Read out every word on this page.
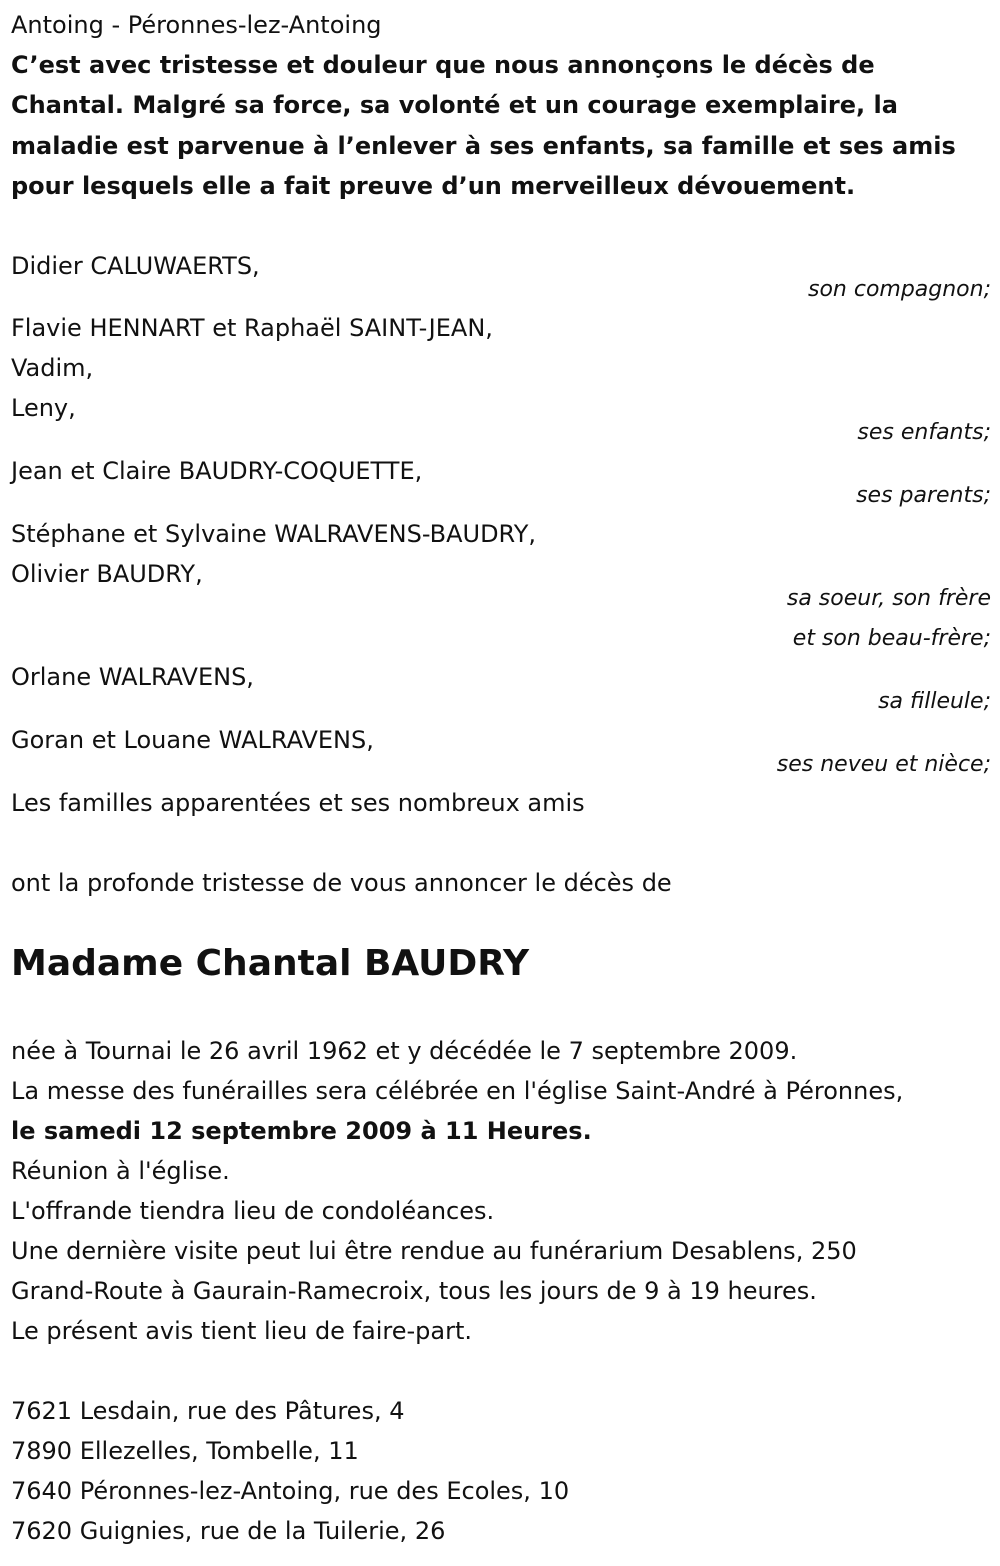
Antoing - Péronnes-lez-Antoing
C’est avec tristesse et douleur que nous annonçons le décès de
Chantal. Malgré sa force, sa volonté et un courage exemplaire, la
maladie est parvenue à l’enlever à ses enfants, sa famille et ses amis
pour lesquels elle a fait preuve d’un merveilleux dévouement.
Didier CALUWAERTS,
son compagnon;
Flavie HENNART et Raphaël SAINT-JEAN,
Vadim,
Leny,
ses enfants;
Jean et Claire BAUDRY-COQUETTE,
ses parents;
Stéphane et Sylvaine WALRAVENS-BAUDRY,
Olivier BAUDRY,
sa soeur, son frère
et son beau-frère;
Orlane WALRAVENS,
sa filleule;
Goran et Louane WALRAVENS,
ses neveu et nièce;
Les familles apparentées et ses nombreux amis
ont la profonde tristesse de vous annoncer le décès de
Madame Chantal BAUDRY
née à Tournai le 26 avril 1962 et y décédée le 7 septembre 2009.
La messe des funérailles sera célébrée en l'église Saint-André à Péronnes,
le samedi 12 septembre 2009 à 11 Heures.
Réunion à l'église.
L'offrande tiendra lieu de condoléances.
Une dernière visite peut lui être rendue au funérarium Desablens, 250
Grand-Route à Gaurain-Ramecroix, tous les jours de 9 à 19 heures.
Le présent avis tient lieu de faire-part.
7621 Lesdain, rue des Pâtures, 4
7890 Ellezelles, Tombelle, 11
7640 Péronnes-lez-Antoing, rue des Ecoles, 10
7620 Guignies, rue de la Tuilerie, 26
